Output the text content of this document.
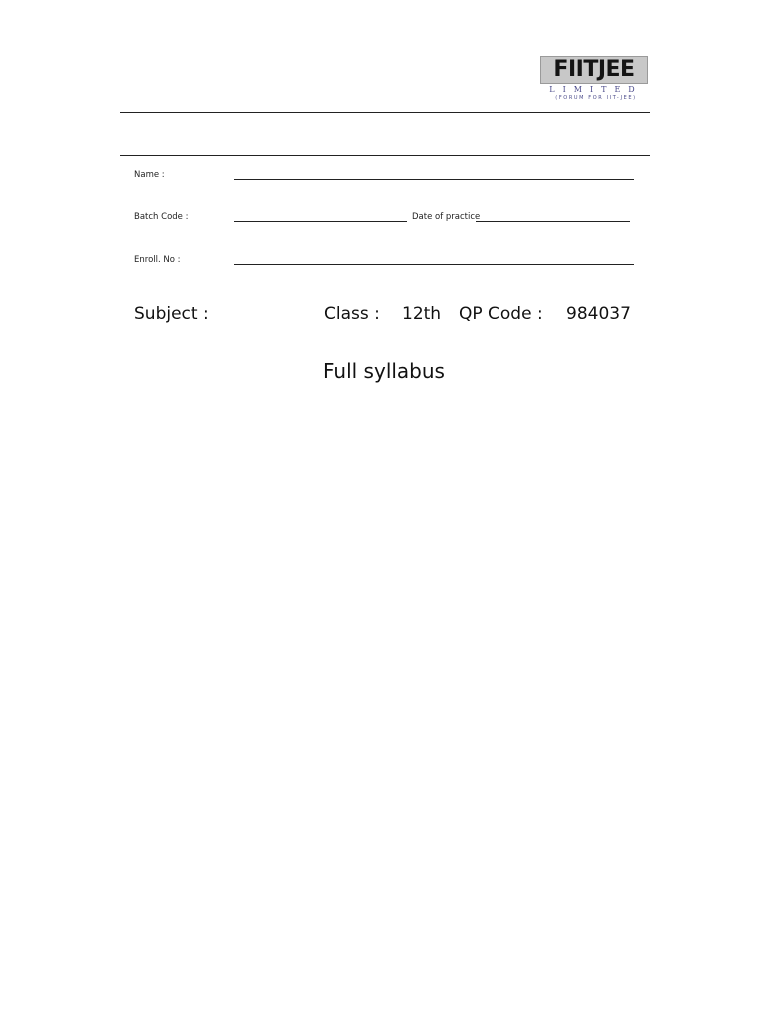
FIITJEE
LIMITED
(FORUM FOR IIT-JEE)
Name :
Batch Code :	Date of practice
Enroll. No :
Subject :	Class : 12th QP Code : 984037
Full syllabus
